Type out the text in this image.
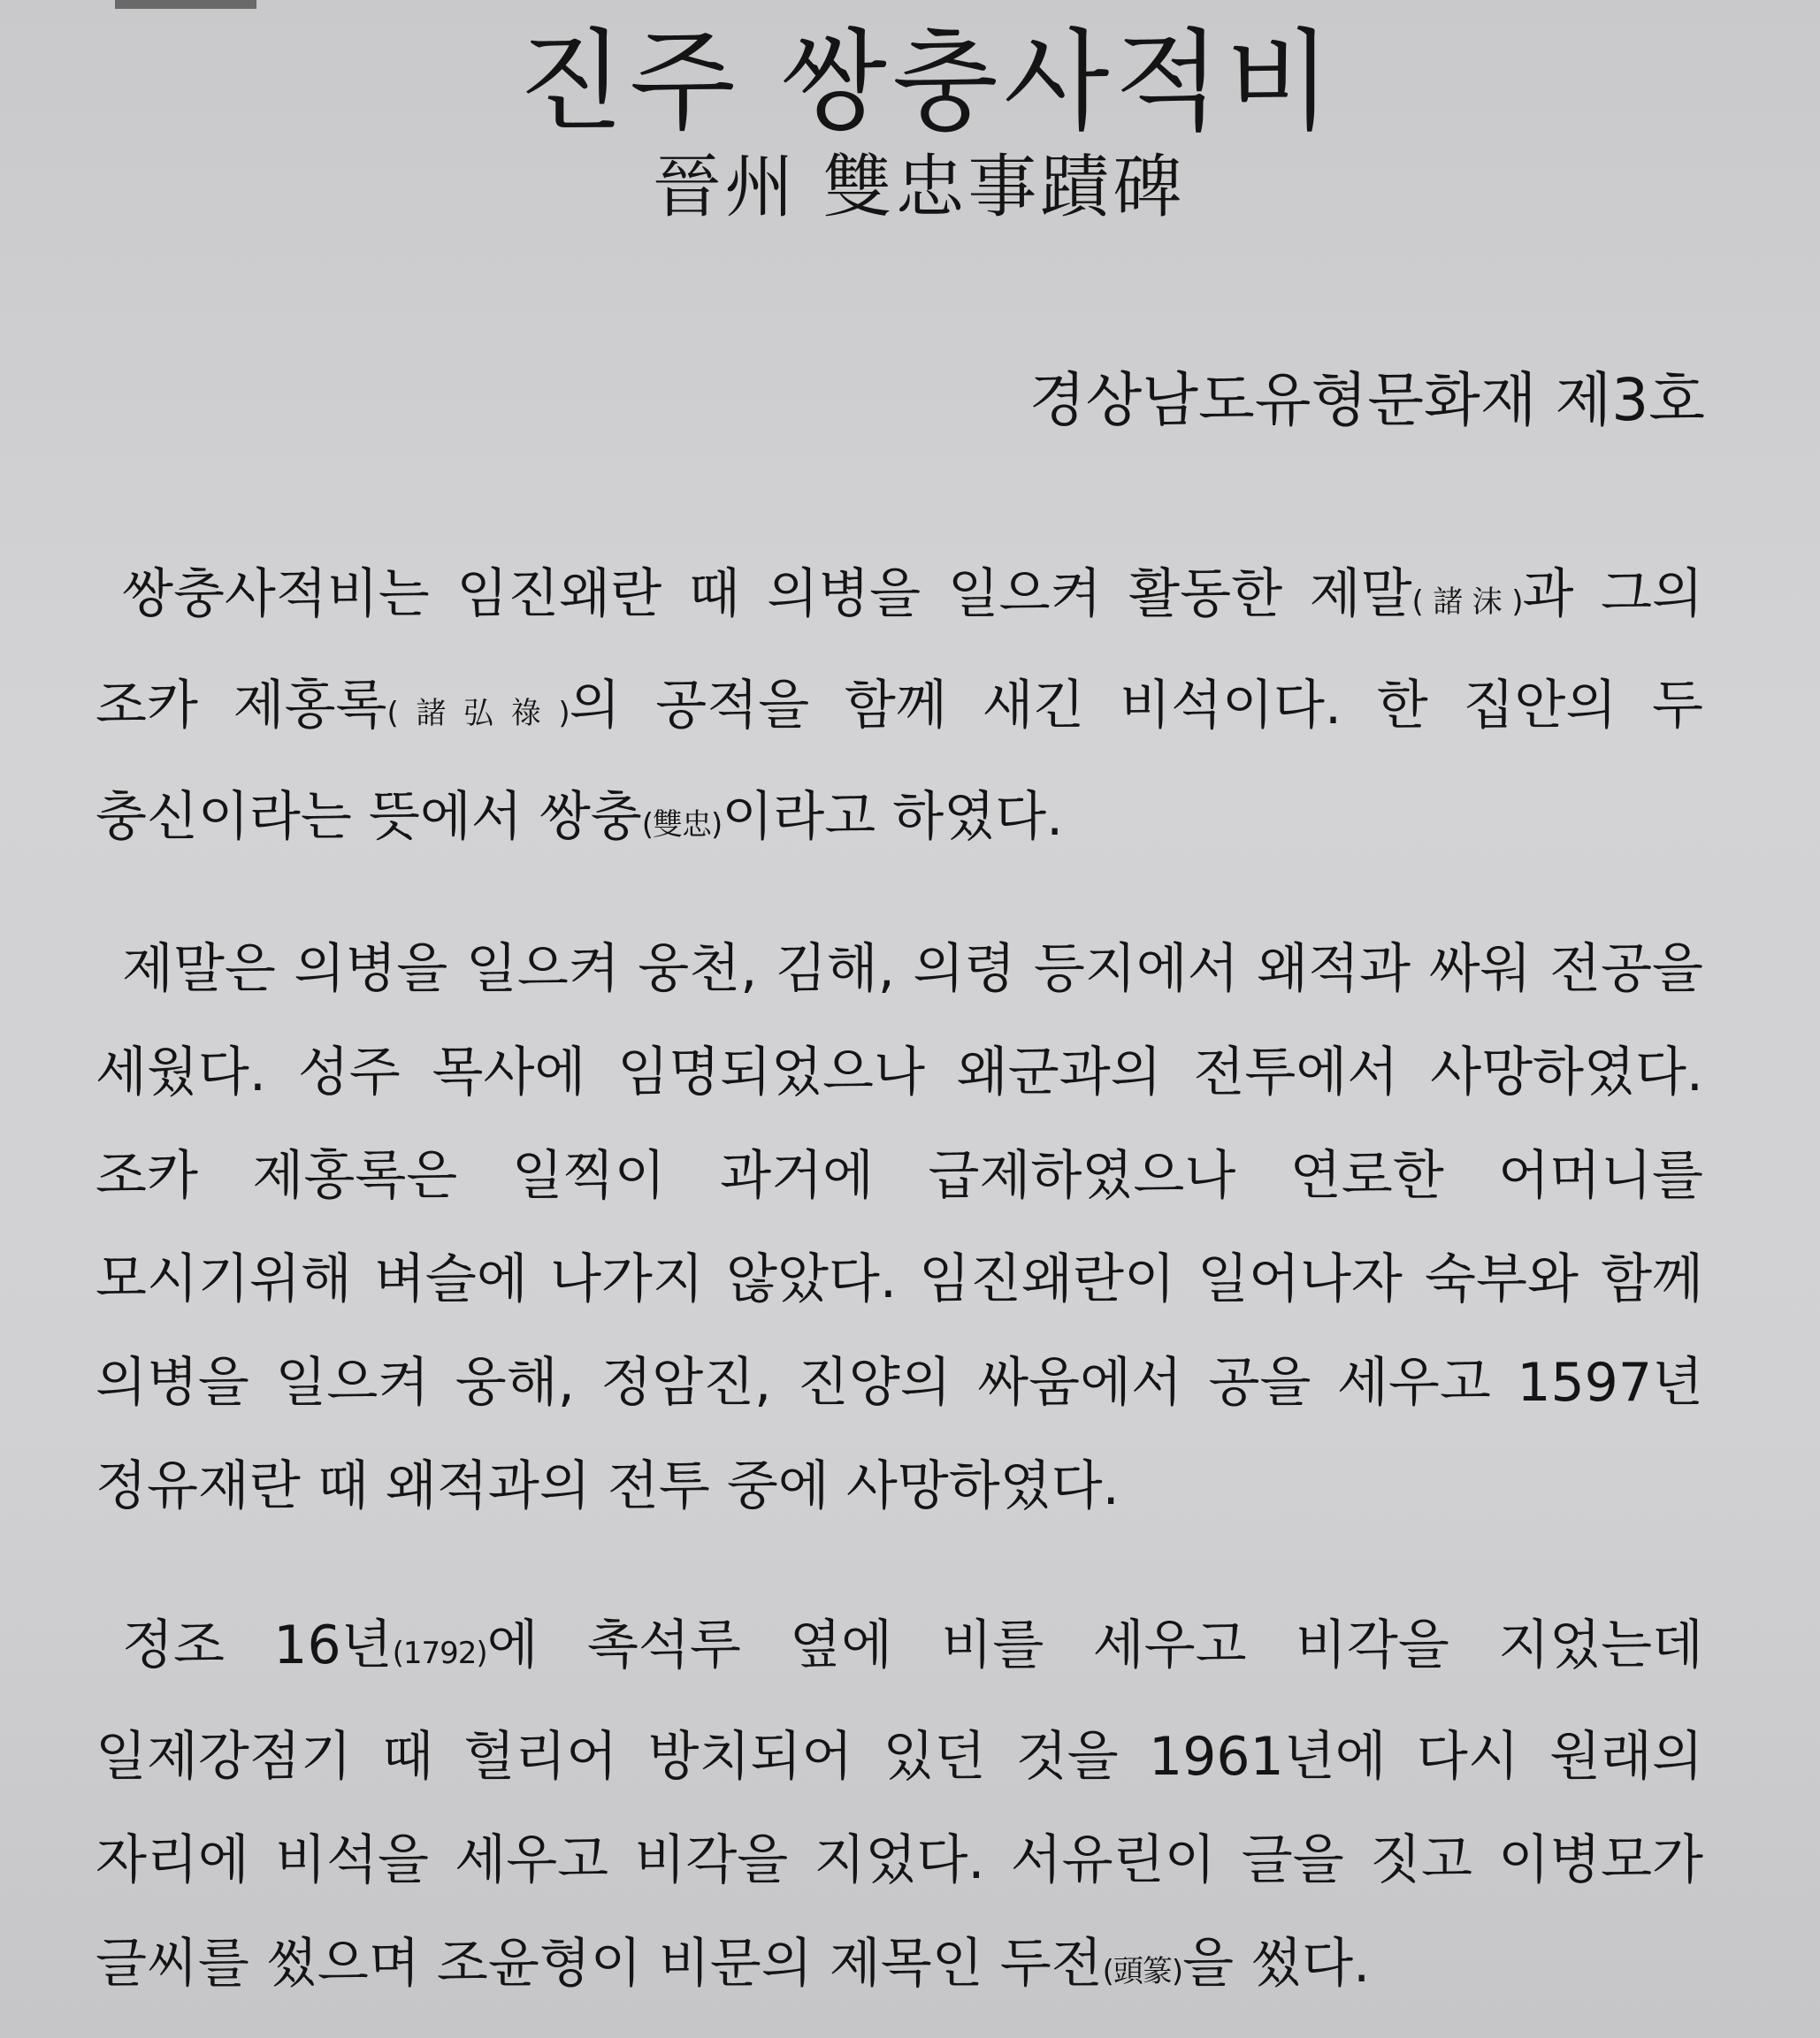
진주 쌍충사적비
晉州 雙忠事蹟碑
경상남도유형문화재 제3호
쌍충사적비는 임진왜란 때 의병을 일으켜 활동한 제말(諸沫)과 그의 조카 제홍록(諸弘祿)의 공적을 함께 새긴 비석이다. 한 집안의 두 충신이라는 뜻에서 쌍충(雙忠)이라고 하였다.
제말은 의병을 일으켜 웅천, 김해, 의령 등지에서 왜적과 싸워 전공을 세웠다. 성주 목사에 임명되었으나 왜군과의 전투에서 사망하였다. 조카 제홍록은 일찍이 과거에 급제하였으나 연로한 어머니를 모시기위해 벼슬에 나가지 않았다. 임진왜란이 일어나자 숙부와 함께 의병을 일으켜 웅해, 정암진, 진양의 싸움에서 공을 세우고 1597년 정유재란 때 왜적과의 전투 중에 사망하였다.
정조 16년(1792)에 촉석루 옆에 비를 세우고 비각을 지었는데 일제강점기 때 헐리어 방치되어 있던 것을 1961년에 다시 원래의 자리에 비석을 세우고 비각을 지었다. 서유린이 글을 짓고 이병모가 글씨를 썼으며 조윤형이 비문의 제목인 두전(頭篆)을 썼다.
